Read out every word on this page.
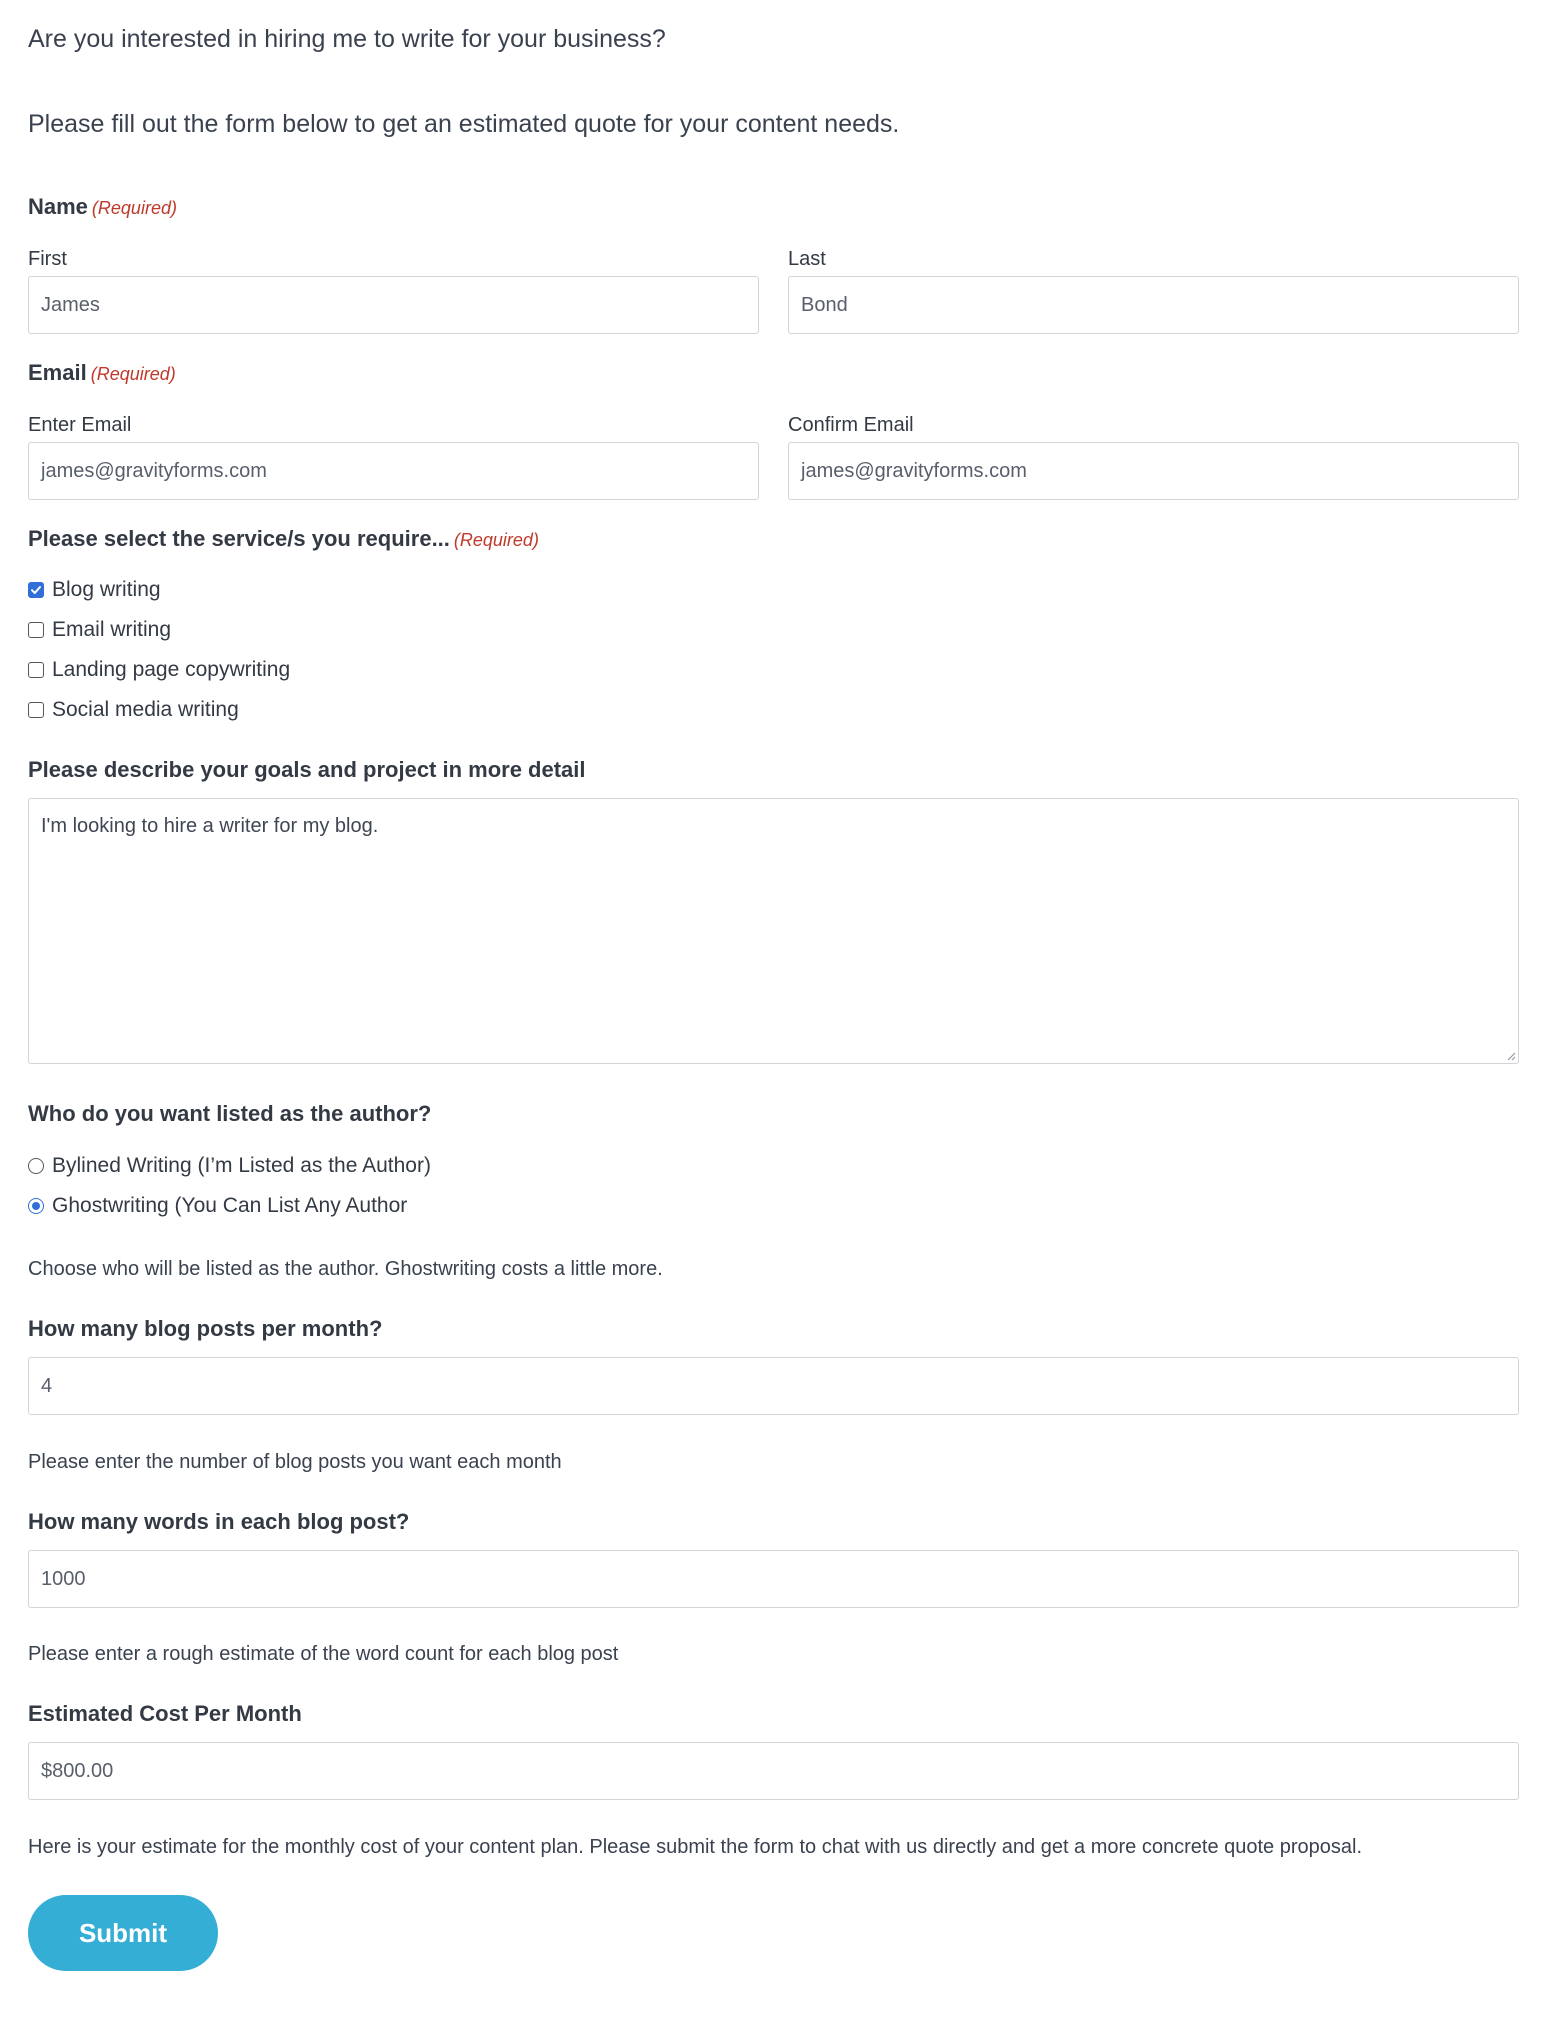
Are you interested in hiring me to write for your business?
Please fill out the form below to get an estimated quote for your content needs.
Name (Required)
First	Last
James	Bond
Email (Required)
Enter Email	Confirm Email
james@gravityforms.com	james@gravityforms.com
Please select the service/s you require... (Required)
Blog writing
Email writing
Landing page copywriting
Social media writing
Please describe your goals and project in more detail
I'm looking to hire a writer for my blog.
Who do you want listed as the author?
Bylined Writing (I’m Listed as the Author)
Ghostwriting (You Can List Any Author
Choose who will be listed as the author. Ghostwriting costs a little more.
How many blog posts per month?
4
Please enter the number of blog posts you want each month
How many words in each blog post?
1000
Please enter a rough estimate of the word count for each blog post
Estimated Cost Per Month
$800.00
Here is your estimate for the monthly cost of your content plan. Please submit the form to chat with us directly and get a more concrete quote proposal.
Submit
